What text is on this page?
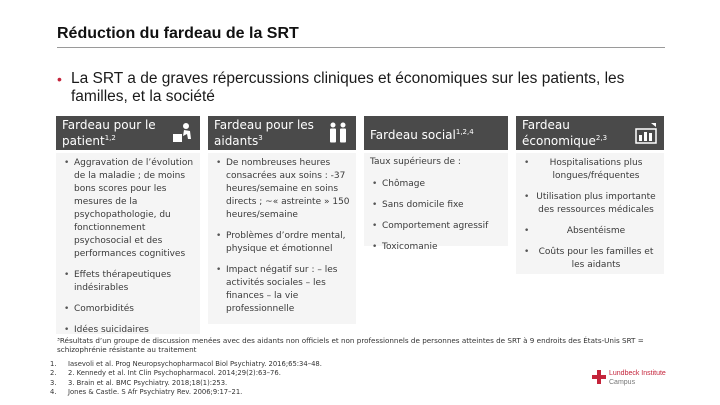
Réduction du fardeau de la SRT
• La SRT a de graves répercussions cliniques et économiques sur les patients, les familles, et la société
Fardeau pour le patient$^{1,2}$
• Aggravation de l’évolution de la maladie ; de moins bons scores pour les mesures de la psychopathologie, du fonctionnement psychosocial et des performances cognitives
• Effets thérapeutiques indésirables
• Comorbidités
• Idées suicidaires
Fardeau pour les aidants$^3$
• De nombreuses heures consacrées aux soins : -37 heures/semaine en soins directs ; ~« astreinte » 150 heures/semaine
• Problèmes d’ordre mental, physique et émotionnel
• Impact négatif sur : – les activités sociales – les finances – la vie professionnelle
Fardeau social$^{1,2,4}$
Taux supérieurs de :
• Chômage
• Sans domicile fixe
• Comportement agressif
• Toxicomanie
Fardeau économique$^{2,3}$
• Hospitalisations plus longues/fréquentes
• Utilisation plus importante des ressources médicales
•	Absentéisme
• Coûts pour les familles et les aidants
³Résultats d’un groupe de discussion menées avec des aidants non officiels et non professionnels de personnes atteintes de SRT à 9 endroits des États-Unis SRT = schizophrénie résistante au traitement
1. Iasevoli et al. Prog Neuropsychopharmacol Biol Psychiatry. 2016;65:34–48.
2. 2. Kennedy et al. Int Clin Psychopharmacol. 2014;29(2):63–76.
3. 3. Brain et al. BMC Psychiatry. 2018;18(1):253.
4. Jones & Castle. S Afr Psychiatry Rev. 2006;9:17–21.
Lundbeck Institute
Campus
